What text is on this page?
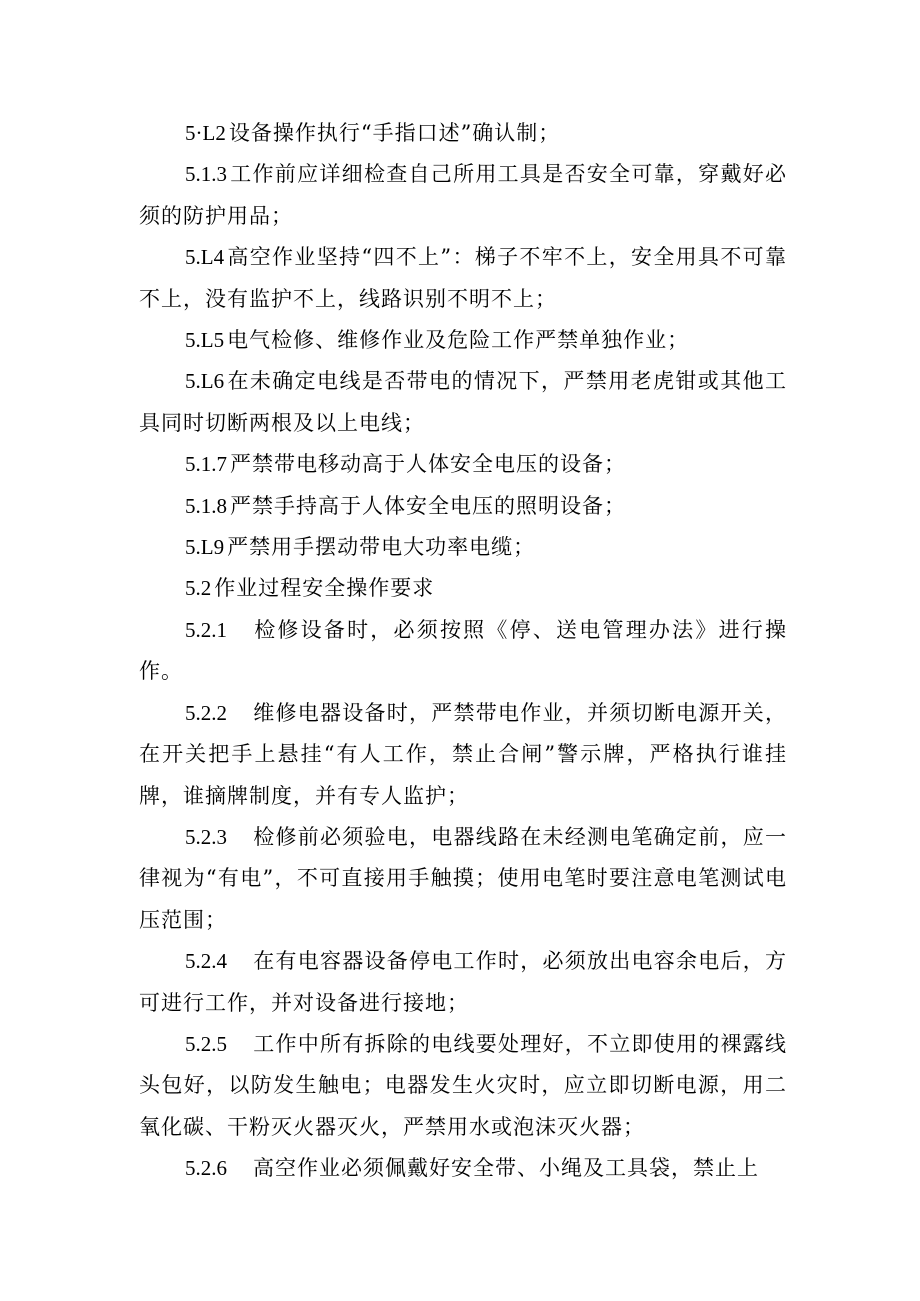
5·L2 设备操作执行“手指口述”确认制；

5.1.3 工作前应详细检查自己所用工具是否安全可靠，穿戴好必须的防护用品；

5.L4 高空作业坚持“四不上”：梯子不牢不上，安全用具不可靠不上，没有监护不上，线路识别不明不上；

5.L5 电气检修、维修作业及危险工作严禁单独作业；

5.L6 在未确定电线是否带电的情况下，严禁用老虎钳或其他工具同时切断两根及以上电线；

5.1.7 严禁带电移动高于人体安全电压的设备；

5.1.8 严禁手持高于人体安全电压的照明设备；

5.L9 严禁用手摆动带电大功率电缆；

5.2 作业过程安全操作要求

5.2.1 检修设备时，必须按照《停、送电管理办法》进行操作。

5.2.2 维修电器设备时，严禁带电作业，并须切断电源开关，在开关把手上悬挂“有人工作，禁止合闸”警示牌，严格执行谁挂牌，谁摘牌制度，并有专人监护；

5.2.3 检修前必须验电，电器线路在未经测电笔确定前，应一律视为“有电”，不可直接用手触摸；使用电笔时要注意电笔测试电压范围；

5.2.4 在有电容器设备停电工作时，必须放出电容余电后，方可进行工作，并对设备进行接地；

5.2.5 工作中所有拆除的电线要处理好，不立即使用的裸露线头包好，以防发生触电；电器发生火灾时，应立即切断电源，用二氧化碳、干粉灭火器灭火，严禁用水或泡沫灭火器；

5.2.6 高空作业必须佩戴好安全带、小绳及工具袋，禁止上
